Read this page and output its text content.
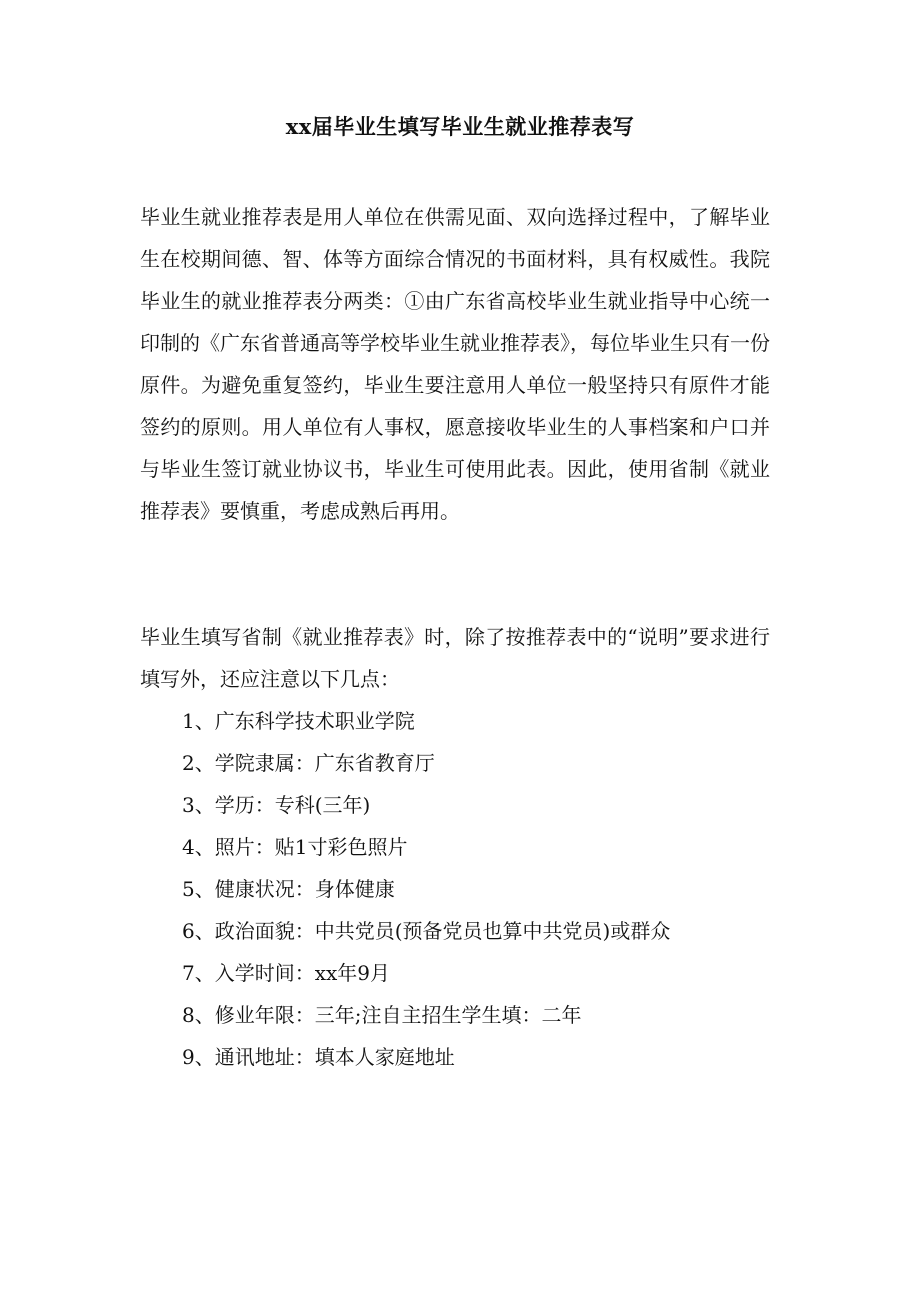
xx届毕业生填写毕业生就业推荐表写
毕业生就业推荐表是用人单位在供需见面、双向选择过程中，了解毕业生在校期间德、智、体等方面综合情况的书面材料，具有权威性。我院毕业生的就业推荐表分两类：①由广东省高校毕业生就业指导中心统一印制的《广东省普通高等学校毕业生就业推荐表》，每位毕业生只有一份原件。为避免重复签约，毕业生要注意用人单位一般坚持只有原件才能签约的原则。用人单位有人事权，愿意接收毕业生的人事档案和户口并与毕业生签订就业协议书，毕业生可使用此表。因此，使用省制《就业推荐表》要慎重，考虑成熟后再用。
毕业生填写省制《就业推荐表》时，除了按推荐表中的“说明”要求进行填写外，还应注意以下几点：
1、广东科学技术职业学院
2、学院隶属：广东省教育厅
3、学历：专科(三年)
4、照片：贴1寸彩色照片
5、健康状况：身体健康
6、政治面貌：中共党员(预备党员也算中共党员)或群众
7、入学时间：xx年9月
8、修业年限：三年;注自主招生学生填：二年
9、通讯地址：填本人家庭地址
